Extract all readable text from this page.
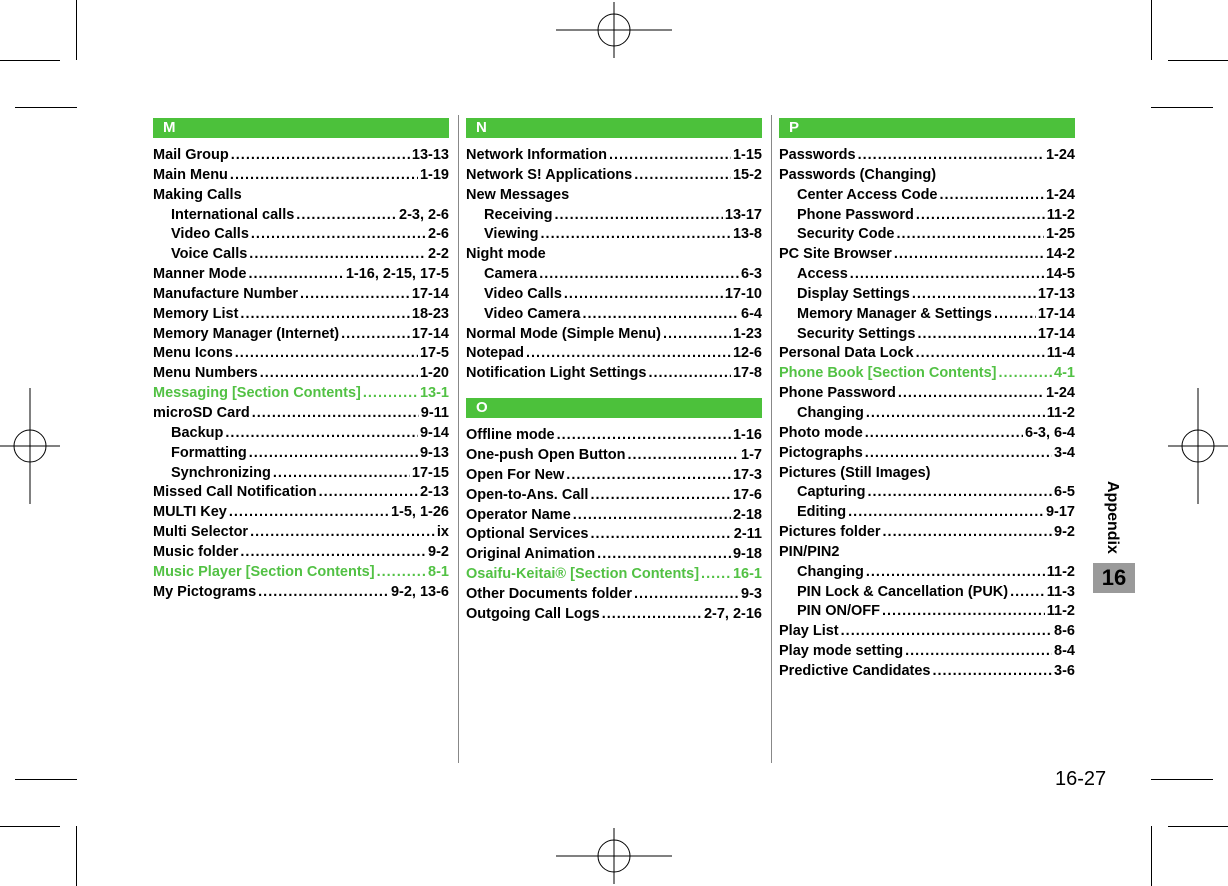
M
Mail Group .....	13-13
Main Menu .....	1-19
Making Calls
International calls .....	2-3, 2-6
Video Calls .....	2-6
Voice Calls .....	2-2
Manner Mode .....	1-16, 2-15, 17-5
Manufacture Number .....	17-14
Memory List .....	18-23
Memory Manager (Internet) .....	17-14
Menu Icons .....	17-5
Menu Numbers .....	1-20
Messaging [Section Contents] .....	13-1
microSD Card .....	9-11
Backup .....	9-14
Formatting .....	9-13
Synchronizing .....	17-15
Missed Call Notification .....	2-13
MULTI Key .....	1-5, 1-26
Multi Selector .....	ix
Music folder .....	9-2
Music Player [Section Contents] .....	8-1
My Pictograms .....	9-2, 13-6
N
Network Information .....	1-15
Network S! Applications .....	15-2
New Messages
Receiving .....	13-17
Viewing .....	13-8
Night mode
Camera .....	6-3
Video Calls .....	17-10
Video Camera .....	6-4
Normal Mode (Simple Menu) .....	1-23
Notepad .....	12-6
Notification Light Settings .....	17-8
O
Offline mode .....	1-16
One-push Open Button .....	1-7
Open For New .....	17-3
Open-to-Ans. Call .....	17-6
Operator Name .....	2-18
Optional Services .....	2-11
Original Animation .....	9-18
Osaifu-Keitai® [Section Contents] ..... 16-1
Other Documents folder .....	9-3
Outgoing Call Logs .....	2-7, 2-16
P
Passwords .....	1-24
Passwords (Changing)
Center Access Code .....	1-24
Phone Password .....	11-2
Security Code .....	1-25
PC Site Browser .....	14-2
Access .....	14-5
Display Settings .....	17-13
Memory Manager & Settings .....	17-14
Security Settings .....	17-14
Personal Data Lock .....	11-4
Phone Book [Section Contents] .....	4-1
Phone Password .....	1-24
Changing .....	11-2
Photo mode .....	6-3, 6-4
Pictographs .....	3-4
Pictures (Still Images)
Capturing .....	6-5
Editing .....	9-17
Pictures folder .....	9-2
PIN/PIN2
Changing .....	11-2
PIN Lock & Cancellation (PUK) .....	11-3
PIN ON/OFF .....	11-2
Play List .....	8-6
Play mode setting .....	8-4
Predictive Candidates .....	3-6
Appendix
16
16-27
